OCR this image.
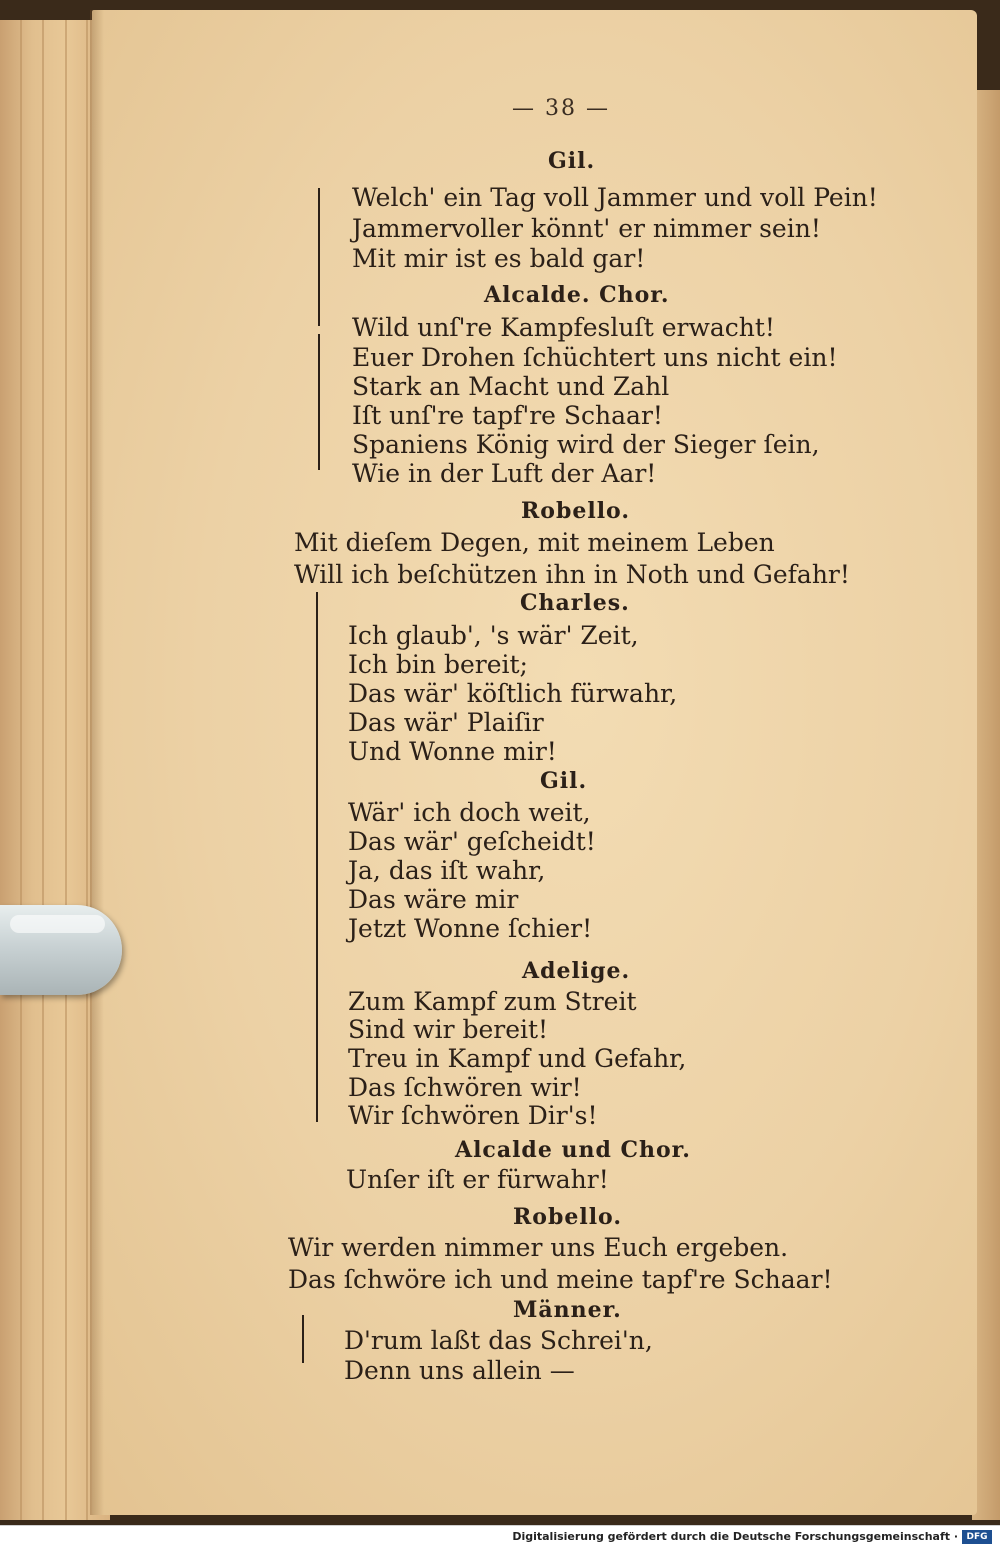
— 38 —
Gil.
Welch' ein Tag voll Jammer und voll Pein!
Jammervoller könnt' er nimmer sein!
Mit mir ist es bald gar!
Alcalde. Chor.
Wild unſ're Kampfesluſt erwacht!
Euer Drohen ſchüchtert uns nicht ein!
Stark an Macht und Zahl
Iſt unſ're tapf're Schaar!
Spaniens König wird der Sieger ſein,
Wie in der Luft der Aar!
Robello.
Mit dieſem Degen, mit meinem Leben
Will ich beſchützen ihn in Noth und Gefahr!
Charles.
Ich glaub', 's wär' Zeit,
Ich bin bereit;
Das wär' köſtlich fürwahr,
Das wär' Plaiſir
Und Wonne mir!
Gil.
Wär' ich doch weit,
Das wär' geſcheidt!
Ja, das iſt wahr,
Das wäre mir
Jetzt Wonne ſchier!
Adelige.
Zum Kampf zum Streit
Sind wir bereit!
Treu in Kampf und Gefahr,
Das ſchwören wir!
Wir ſchwören Dir's!
Alcalde und Chor.
Unſer iſt er fürwahr!
Robello.
Wir werden nimmer uns Euch ergeben.
Das ſchwöre ich und meine tapf're Schaar!
Männer.
D'rum laßt das Schrei'n,
Denn uns allein —
Digitalisierung gefördert durch die Deutsche Forschungsgemeinschaft · DFG
